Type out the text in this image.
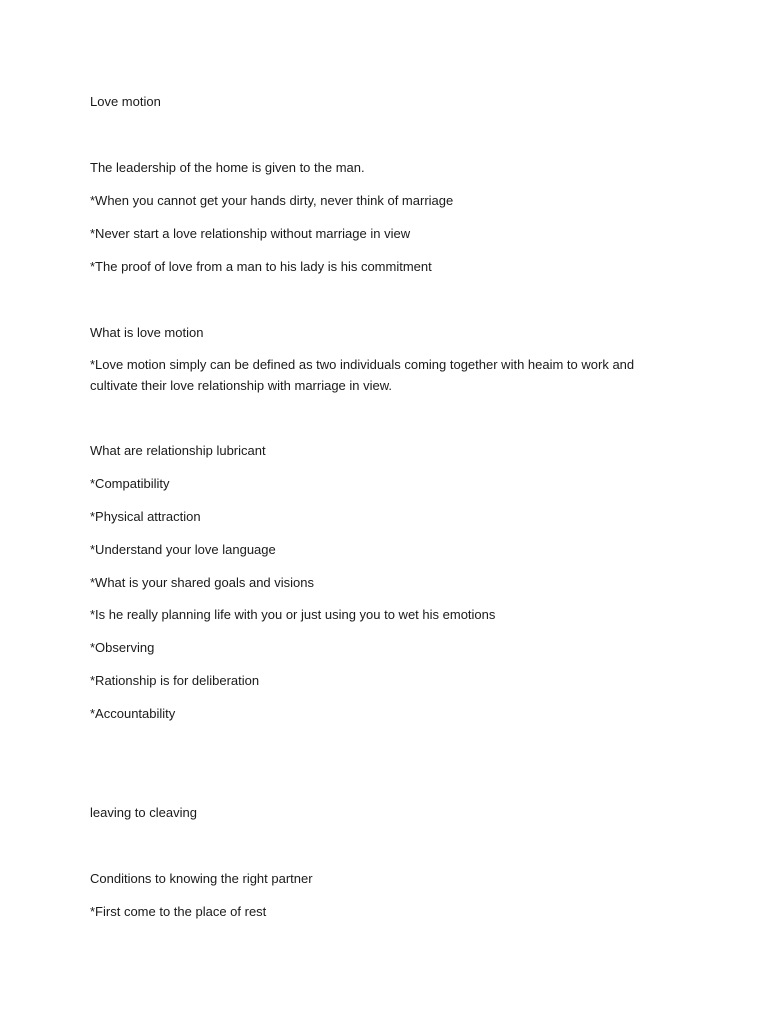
Love motion

The leadership of the home is given to the man.

*When you cannot get your hands dirty, never think of marriage

*Never start a love relationship without marriage in view

*The proof of love from a man to his lady is his commitment

What is love motion

*Love motion simply can be defined as two individuals coming together with heaim to work and cultivate their love relationship with marriage in view.

What are relationship lubricant

*Compatibility

*Physical attraction

*Understand your love language

*What is your shared goals and visions

*Is he really planning life with you or just using you to wet his emotions

*Observing

*Rationship is for deliberation

*Accountability

leaving to cleaving

Conditions to knowing the right partner

*First come to the place of rest
